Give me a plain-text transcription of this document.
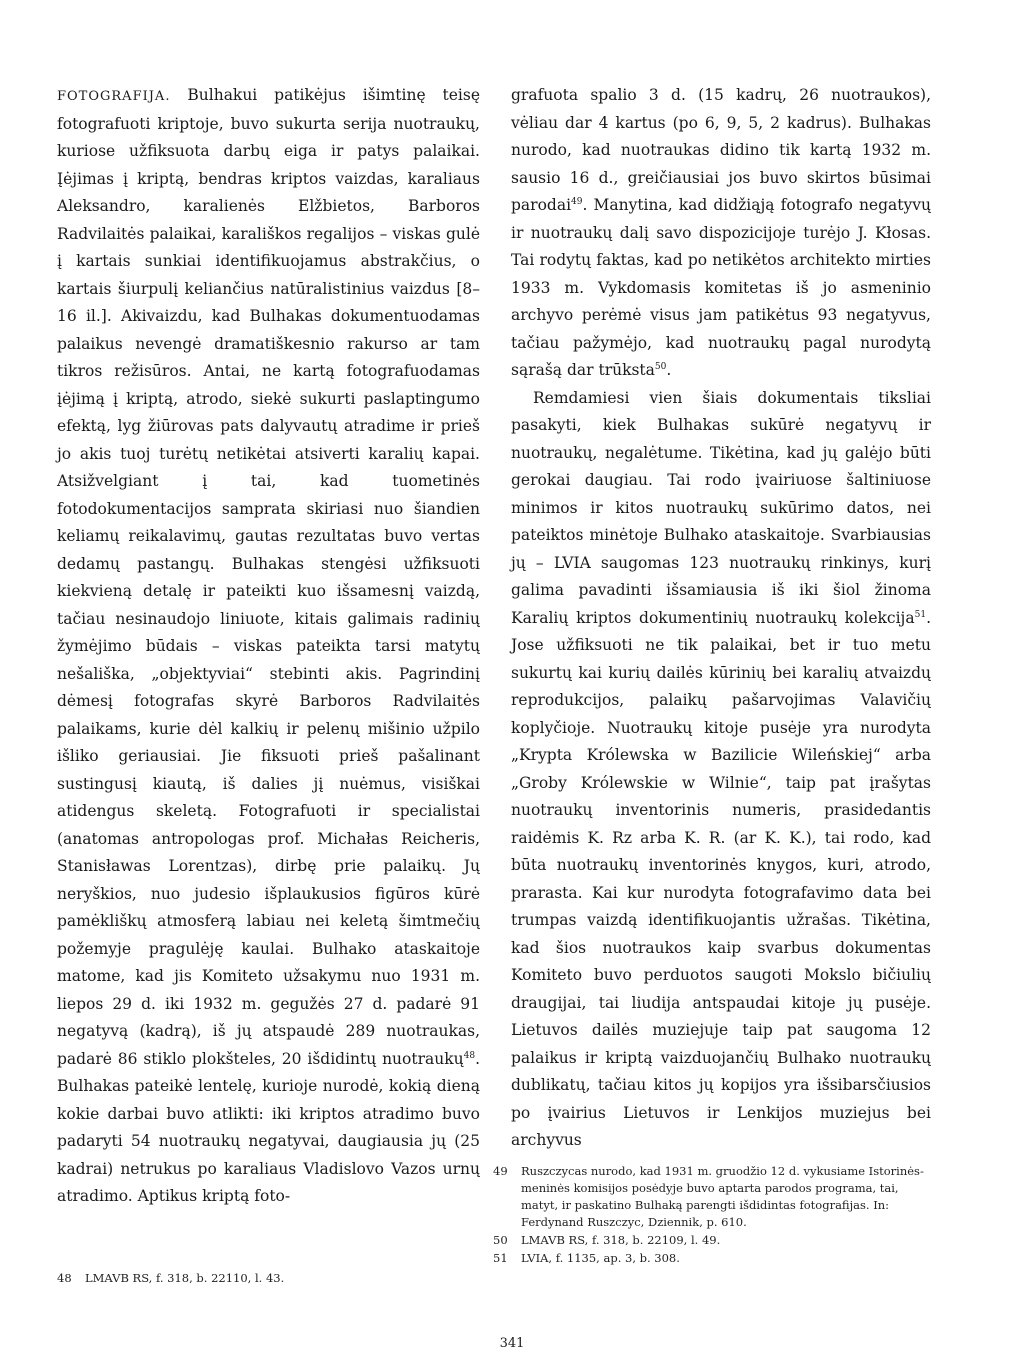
FOTOGRAFIJA. Bulhakui patikėjus išimtinę teisę fotografuoti kriptoje, buvo sukurta serija nuotraukų, kuriose užfiksuota darbų eiga ir patys palaikai. Įėjimas į kriptą, bendras kriptos vaizdas, karaliaus Aleksandro, karalienės Elžbietos, Barboros Radvilaitės palaikai, karališkos regalijos – viskas gulė į kartais sunkiai identifikuojamus abstrakčius, o kartais šiurpulį keliančius natūralistinius vaizdus [8–16 il.]. Akivaizdu, kad Bulhakas dokumentuodamas palaikus nevengė dramatiškesnio rakurso ar tam tikros režisūros. Antai, ne kartą fotografuodamas įėjimą į kriptą, atrodo, siekė sukurti paslaptingumo efektą, lyg žiūrovas pats dalyvautų atradime ir prieš jo akis tuoj turėtų netikėtai atsiverti karalių kapai. Atsižvelgiant į tai, kad tuometinės fotodokumentacijos samprata skiriasi nuo šiandien keliamų reikalavimų, gautas rezultatas buvo vertas dedamų pastangų. Bulhakas stengėsi užfiksuoti kiekvieną detalę ir pateikti kuo išsamesnį vaizdą, tačiau nesinaudojo liniuote, kitais galimais radinių žymėjimo būdais – viskas pateikta tarsi matytų nešališka, „objektyviai“ stebinti akis. Pagrindinį dėmesį fotografas skyrė Barboros Radvilaitės palaikams, kurie dėl kalkių ir pelenų mišinio užpilo išliko geriausiai. Jie fiksuoti prieš pašalinant sustingusį kiautą, iš dalies jį nuėmus, visiškai atidengus skeletą. Fotografuoti ir specialistai (anatomas antropologas prof. Michałas Reicheris, Stanisławas Lorentzas), dirbę prie palaikų. Jų neryškios, nuo judesio išplaukusios figūros kūrė pamėkliškų atmosferą labiau nei keletą šimtmečių požemyje pragulėję kaulai. Bulhako ataskaitoje matome, kad jis Komiteto užsakymu nuo 1931 m. liepos 29 d. iki 1932 m. gegužės 27 d. padarė 91 negatyvą (kadrą), iš jų atspaudė 289 nuotraukas, padarė 86 stiklo plokšteles, 20 išdidintų nuotraukų$^{48}$. Bulhakas pateikė lentelę, kurioje nurodė, kokią dieną kokie darbai buvo atlikti: iki kriptos atradimo buvo padaryti 54 nuotraukų negatyvai, daugiausia jų (25 kadrai) netrukus po karaliaus Vladislovo Vazos urnų atradimo. Aptikus kriptą foto-

grafuota spalio 3 d. (15 kadrų, 26 nuotraukos), vėliau dar 4 kartus (po 6, 9, 5, 2 kadrus). Bulhakas nurodo, kad nuotraukas didino tik kartą 1932 m. sausio 16 d., greičiausiai jos buvo skirtos būsimai parodai$^{49}$. Manytina, kad didžiąją fotografo negatyvų ir nuotraukų dalį savo dispozicijoje turėjo J. Kłosas. Tai rodytų faktas, kad po netikėtos architekto mirties 1933 m. Vykdomasis komitetas iš jo asmeninio archyvo perėmė visus jam patikėtus 93 negatyvus, tačiau pažymėjo, kad nuotraukų pagal nurodytą sąrašą dar trūksta$^{50}$.

Remdamiesi vien šiais dokumentais tiksliai pasakyti, kiek Bulhakas sukūrė negatyvų ir nuotraukų, negalėtume. Tikėtina, kad jų galėjo būti gerokai daugiau. Tai rodo įvairiuose šaltiniuose minimos ir kitos nuotraukų sukūrimo datos, nei pateiktos minėtoje Bulhako ataskaitoje. Svarbiausias jų – LVIA saugomas 123 nuotraukų rinkinys, kurį galima pavadinti išsamiausia iš iki šiol žinoma Karalių kriptos dokumentinių nuotraukų kolekcija$^{51}$. Jose užfiksuoti ne tik palaikai, bet ir tuo metu sukurtų kai kurių dailės kūrinių bei karalių atvaizdų reprodukcijos, palaikų pašarvojimas Valavičių koplyčioje. Nuotraukų kitoje pusėje yra nurodyta „Krypta Królewska w Bazilicie Wileńskiej“ arba „Groby Królewskie w Wilnie“, taip pat įrašytas nuotraukų inventorinis numeris, prasidedantis raidėmis K. Rz arba K. R. (ar K. K.), tai rodo, kad būta nuotraukų inventorinės knygos, kuri, atrodo, prarasta. Kai kur nurodyta fotografavimo data bei trumpas vaizdą identifikuojantis užrašas. Tikėtina, kad šios nuotraukos kaip svarbus dokumentas Komiteto buvo perduotos saugoti Mokslo bičiulių draugijai, tai liudija antspaudai kitoje jų pusėje. Lietuvos dailės muziejuje taip pat saugoma 12 palaikus ir kriptą vaizduojančių Bulhako nuotraukų dublikatų, tačiau kitos jų kopijos yra išsibarsčiusios po įvairius Lietuvos ir Lenkijos muziejus bei archyvus

48	LMAVB RS, f. 318, b. 22110, l. 43.
49	Ruszczycas nurodo, kad 1931 m. gruodžio 12 d. vykusiame Istorinės-meninės komisijos posėdyje buvo aptarta parodos programa, tai, matyt, ir paskatino Bulhaką parengti išdidintas fotografijas. In: Ferdynand Ruszczyc, Dziennik, p. 610.
50	LMAVB RS, f. 318, b. 22109, l. 49.
51	LVIA, f. 1135, ap. 3, b. 308.
341
